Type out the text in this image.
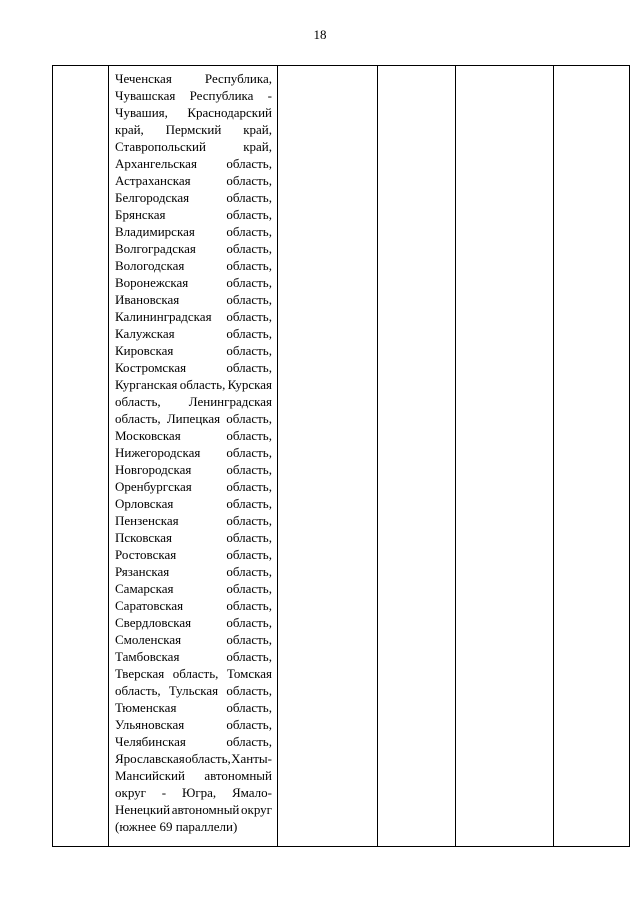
18

Чеченская	Республика,
Чувашская Республика -
Чувашия, Краснодарский
край, Пермский край,
Ставропольский	край,
Архангельская область,
Астраханская	область,
Белгородская	область,
Брянская	область,
Владимирская область,
Волгоградская область,
Вологодская	область,
Воронежская	область,
Ивановская	область,
Калининградская область,
Калужская	область,
Кировская	область,
Костромская	область,
Курганская область, Курская
область, Ленинградская
область, Липецкая область,
Московская	область,
Нижегородская область,
Новгородская	область,
Оренбургская	область,
Орловская	область,
Пензенская	область,
Псковская	область,
Ростовская	область,
Рязанская	область,
Самарская	область,
Саратовская	область,
Свердловская	область,
Смоленская	область,
Тамбовская	область,
Тверская область, Томская
область, Тульская область,
Тюменская	область,
Ульяновская	область,
Челябинская	область,
Ярославская область, Ханты-
Мансийский автономный
округ - Югра, Ямало-
Ненецкий автономный округ
(южнее 69 параллели)
